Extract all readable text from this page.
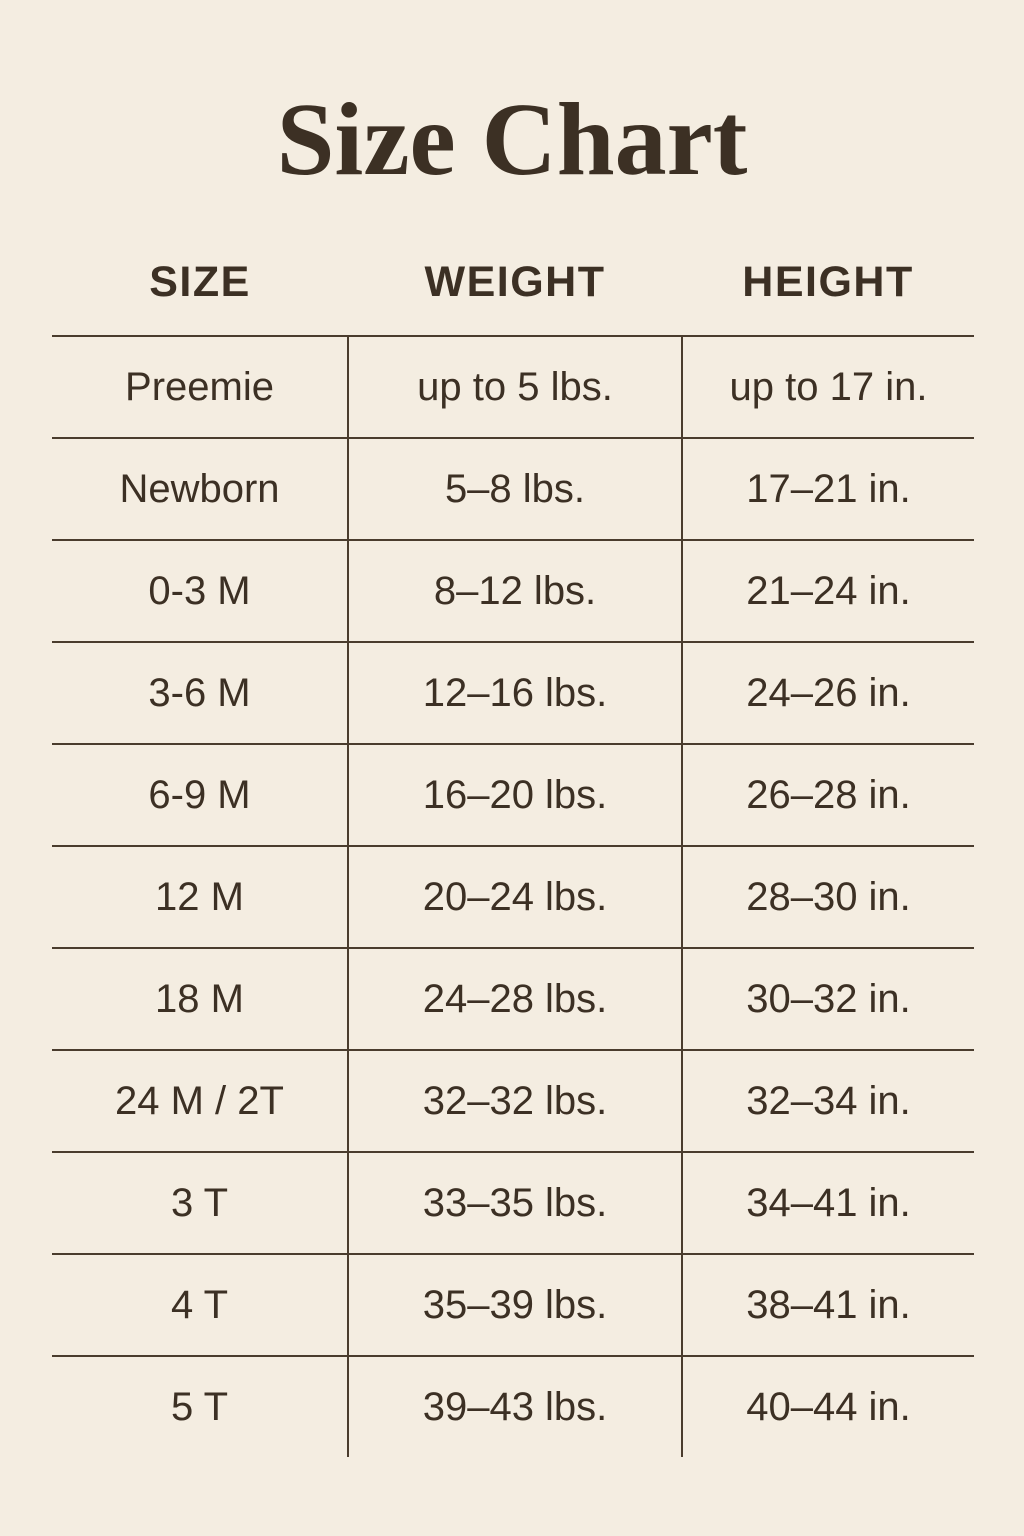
Size Chart
SIZE	WEIGHT	HEIGHT
Preemie	up to 5 lbs.	up to 17 in.
Newborn	5–8 lbs.	17–21 in.
0-3 M	8–12 lbs.	21–24 in.
3-6 M	12–16 lbs.	24–26 in.
6-9 M	16–20 lbs.	26–28 in.
12 M	20–24 lbs.	28–30 in.
18 M	24–28 lbs.	30–32 in.
24 M / 2T	32–32 lbs.	32–34 in.
3 T	33–35 lbs.	34–41 in.
4 T	35–39 lbs.	38–41 in.
5 T	39–43 lbs.	40–44 in.
